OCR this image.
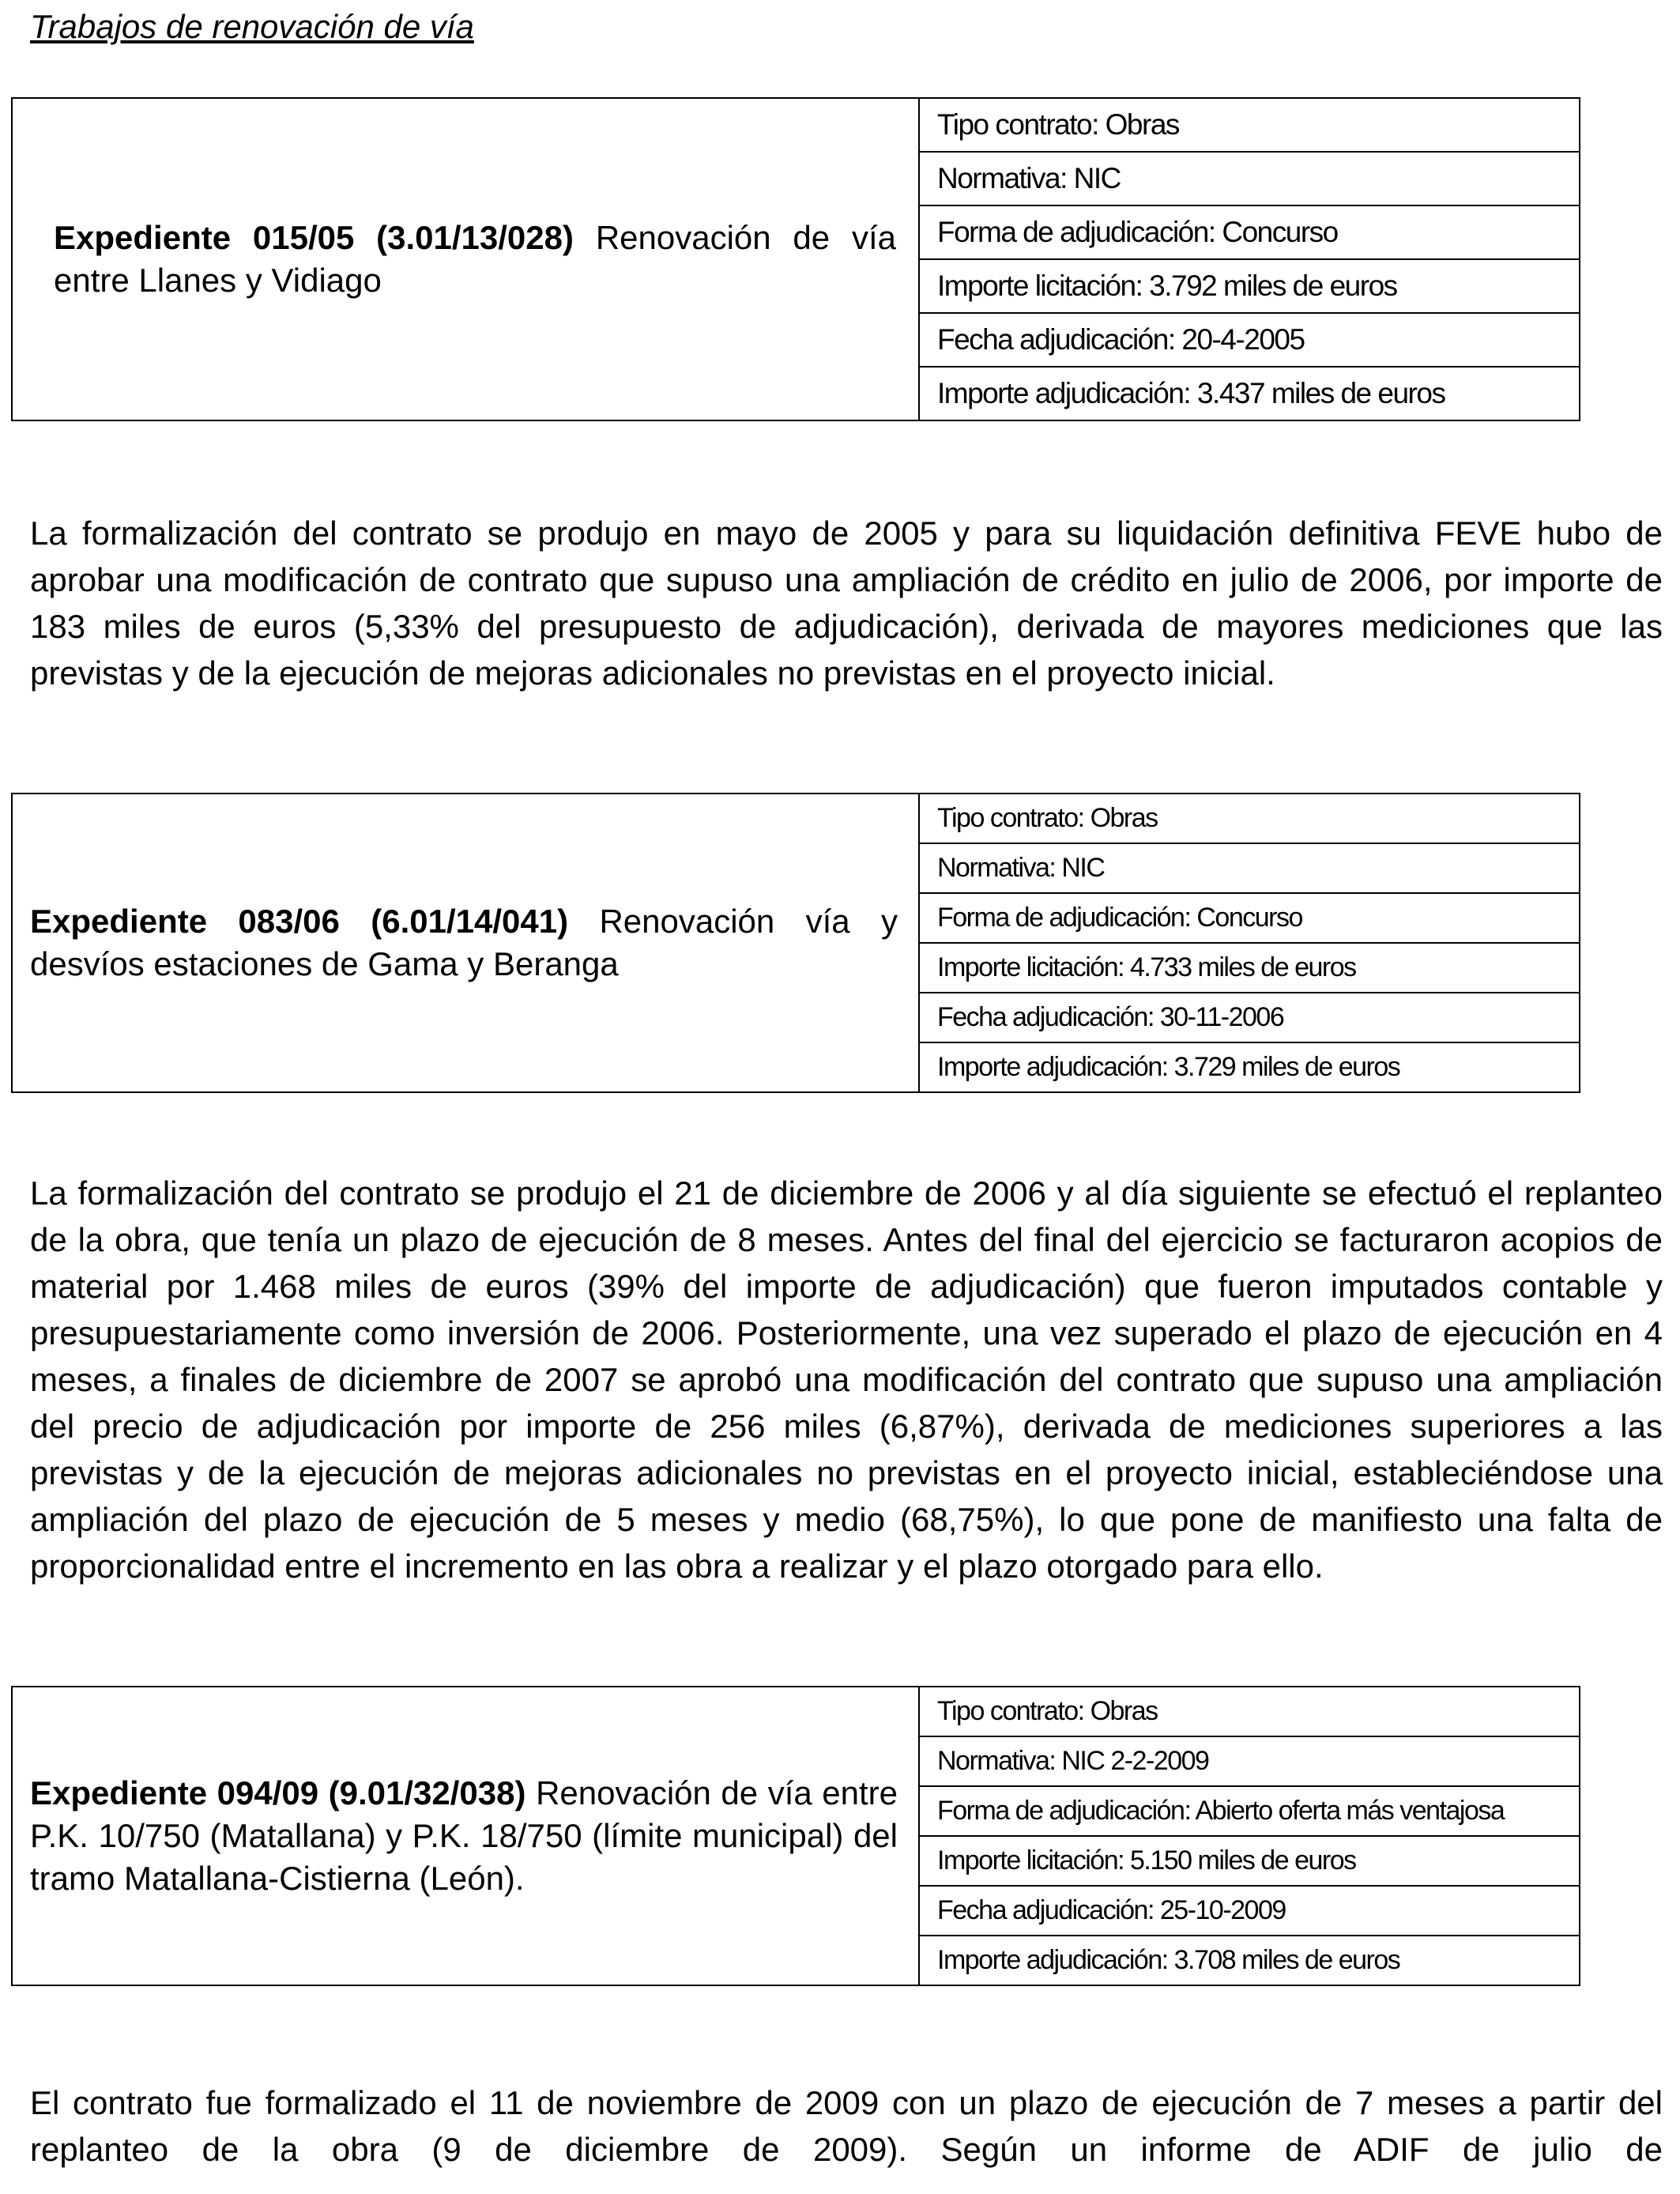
Trabajos de renovación de vía
Expediente 015/05 (3.01/13/028) Renovación de vía entre Llanes y Vidiago
	Tipo contrato: Obras
Normativa: NIC
Forma de adjudicación: Concurso
Importe licitación: 3.792 miles de euros
Fecha adjudicación: 20-4-2005
Importe adjudicación: 3.437 miles de euros
La formalización del contrato se produjo en mayo de 2005 y para su liquidación definitiva FEVE hubo de aprobar una modificación de contrato que supuso una ampliación de crédito en julio de 2006, por importe de 183 miles de euros (5,33% del presupuesto de adjudicación), derivada de mayores mediciones que las previstas y de la ejecución de mejoras adicionales no previstas en el proyecto inicial.
Expediente 083/06 (6.01/14/041) Renovación vía y desvíos estaciones de Gama y Beranga
	Tipo contrato: Obras
Normativa: NIC
Forma de adjudicación: Concurso
Importe licitación: 4.733 miles de euros
Fecha adjudicación: 30-11-2006
Importe adjudicación: 3.729 miles de euros
La formalización del contrato se produjo el 21 de diciembre de 2006 y al día siguiente se efectuó el replanteo de la obra, que tenía un plazo de ejecución de 8 meses. Antes del final del ejercicio se facturaron acopios de material por 1.468 miles de euros (39% del importe de adjudicación) que fueron imputados contable y presupuestariamente como inversión de 2006. Posteriormente, una vez superado el plazo de ejecución en 4 meses, a finales de diciembre de 2007 se aprobó una modificación del contrato que supuso una ampliación del precio de adjudicación por importe de 256 miles (6,87%), derivada de mediciones superiores a las previstas y de la ejecución de mejoras adicionales no previstas en el proyecto inicial, estableciéndose una ampliación del plazo de ejecución de 5 meses y medio (68,75%), lo que pone de manifiesto una falta de proporcionalidad entre el incremento en las obra a realizar y el plazo otorgado para ello.
Expediente 094/09 (9.01/32/038) Renovación de vía entre P.K. 10/750 (Matallana) y P.K. 18/750 (límite municipal) del tramo Matallana-Cistierna (León).
	Tipo contrato: Obras
Normativa: NIC 2-2-2009
Forma de adjudicación: Abierto oferta más ventajosa
Importe licitación: 5.150 miles de euros
Fecha adjudicación: 25-10-2009
Importe adjudicación: 3.708 miles de euros
El contrato fue formalizado el 11 de noviembre de 2009 con un plazo de ejecución de 7 meses a partir del replanteo de la obra (9 de diciembre de 2009). Según un informe de ADIF de julio de
